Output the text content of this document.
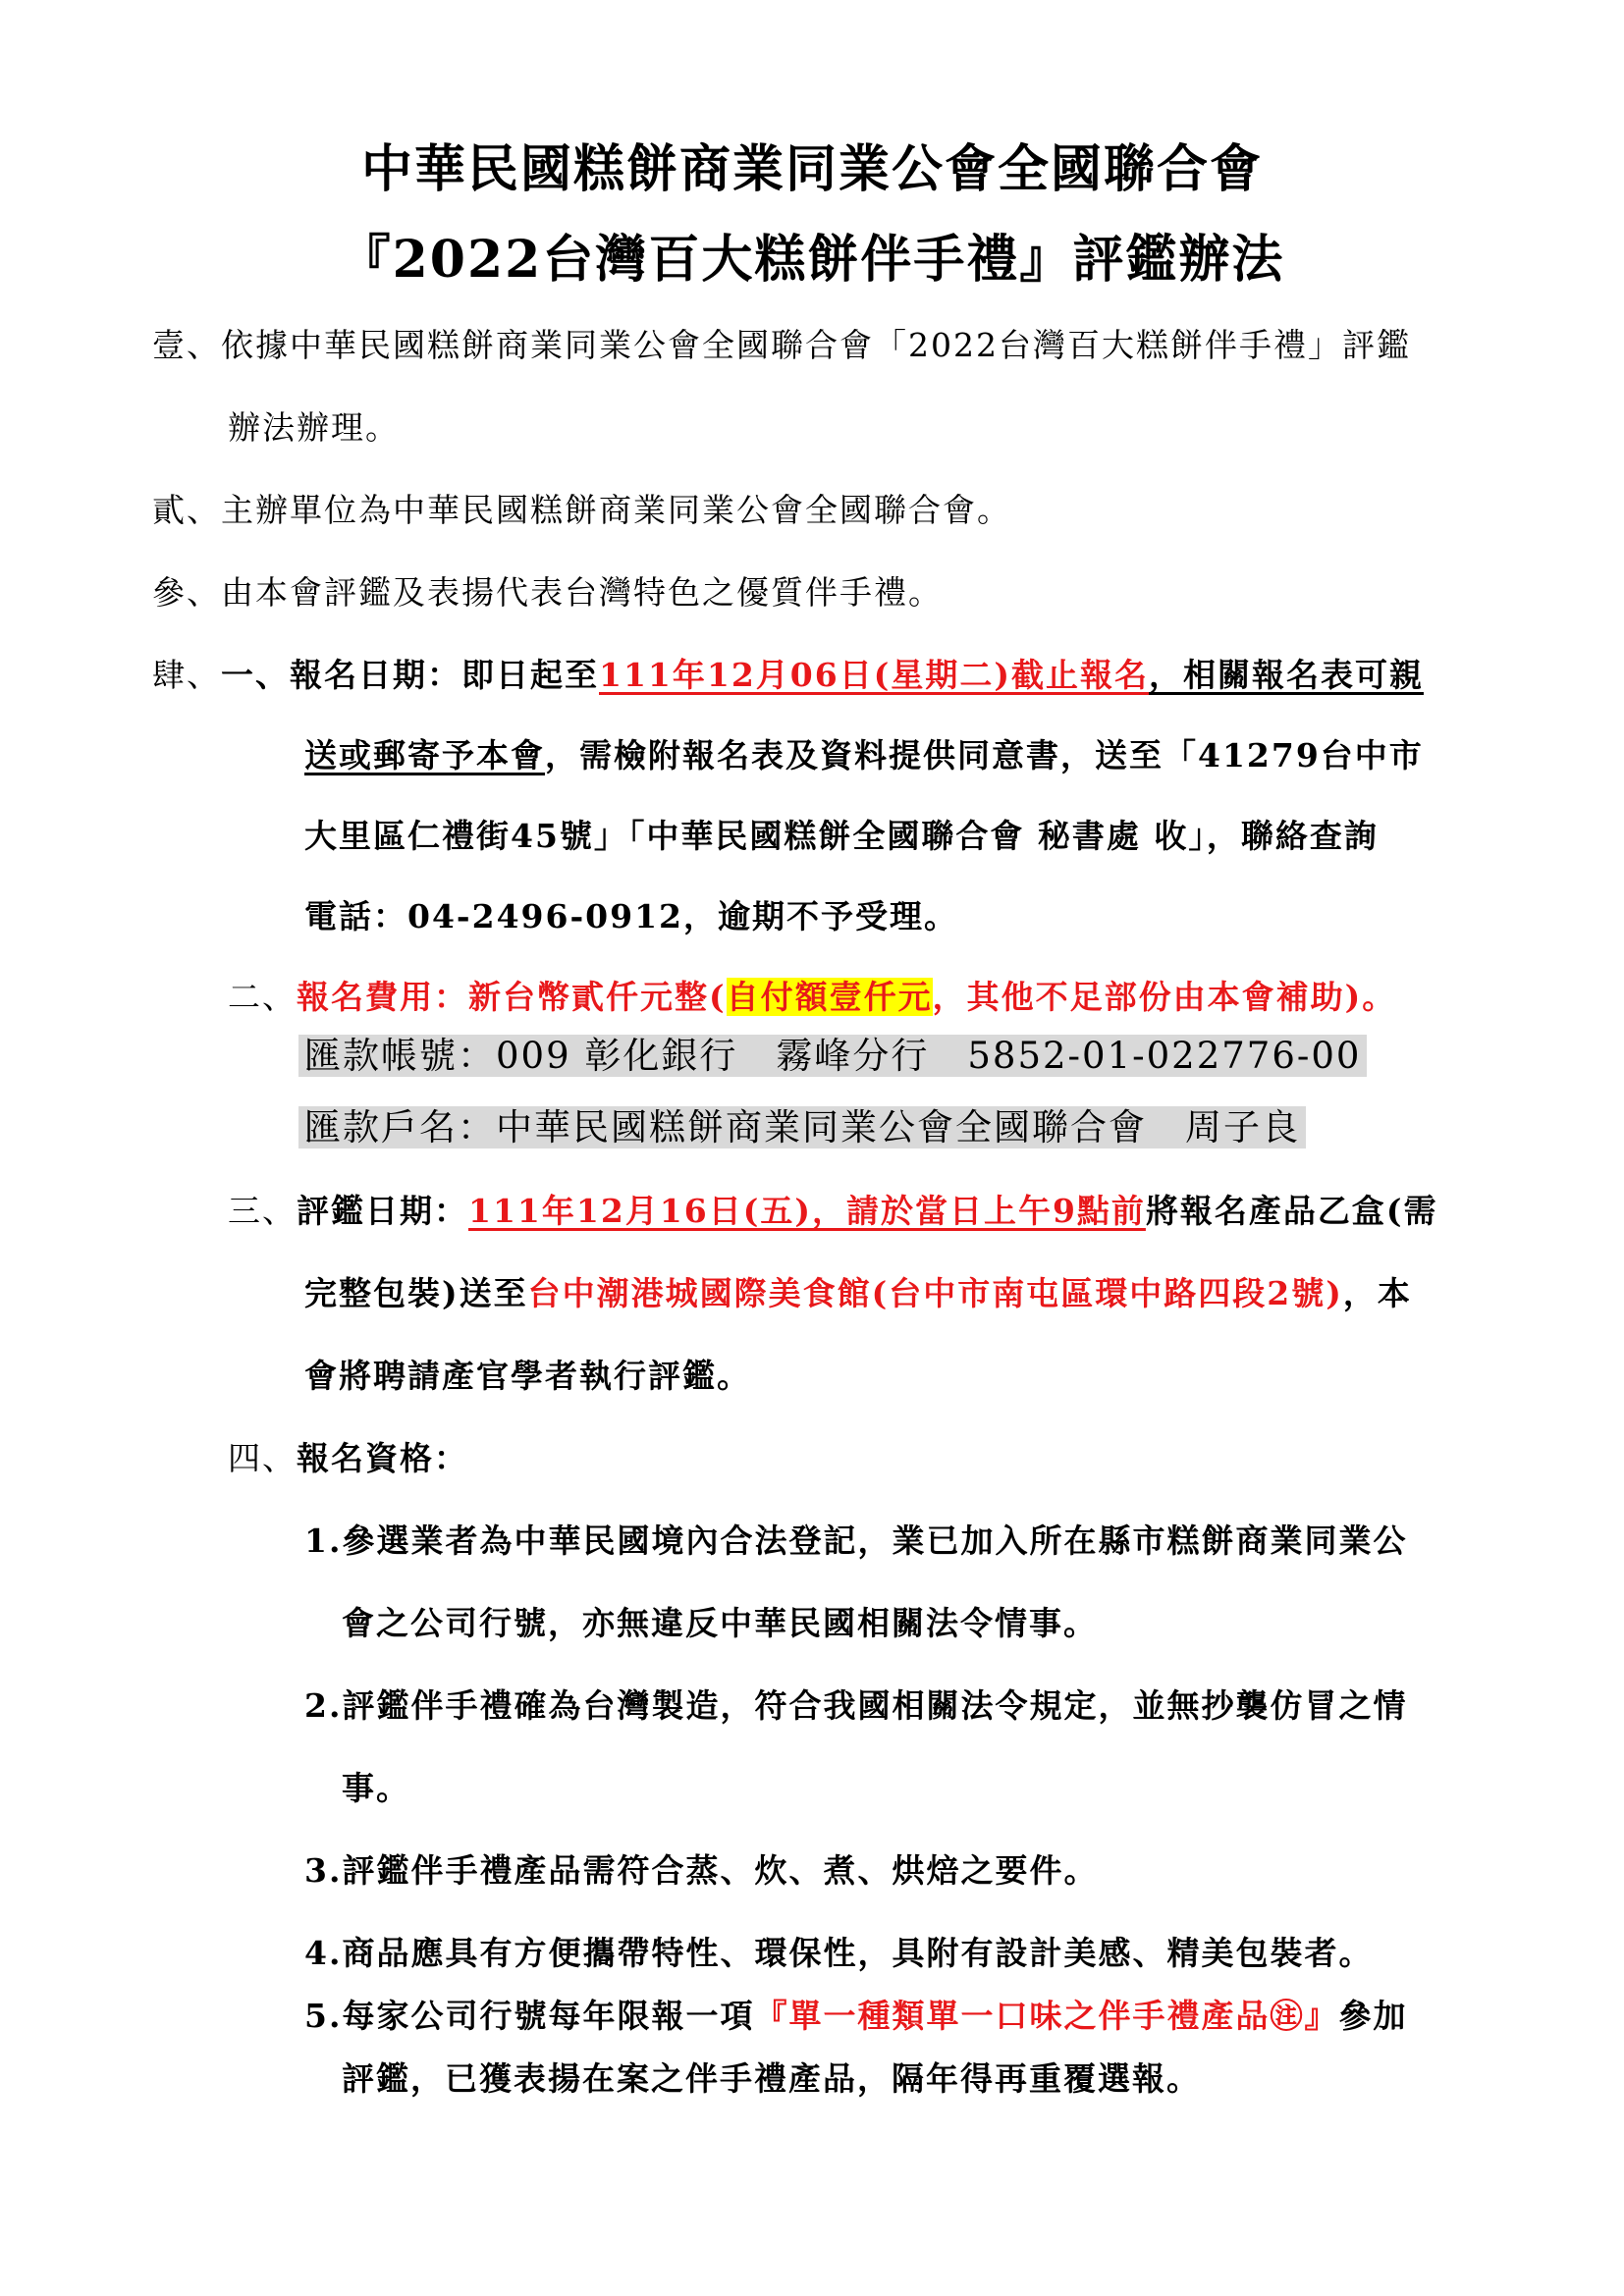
中華民國糕餅商業同業公會全國聯合會
『2022台灣百大糕餅伴手禮』評鑑辦法
壹、依據中華民國糕餅商業同業公會全國聯合會「2022台灣百大糕餅伴手禮」評鑑
辦法辦理。
貳、主辦單位為中華民國糕餅商業同業公會全國聯合會。
參、由本會評鑑及表揚代表台灣特色之優質伴手禮。
肆、一、報名日期：即日起至111年12月06日(星期二)截止報名，相關報名表可親
送或郵寄予本會，需檢附報名表及資料提供同意書，送至「41279台中市
大里區仁禮街45號」「中華民國糕餅全國聯合會 秘書處 收」，聯絡查詢
電話：04-2496-0912，逾期不予受理。
二、報名費用：新台幣貳仟元整(自付額壹仟元，其他不足部份由本會補助)。
匯款帳號：009 彰化銀行　霧峰分行　5852-01-022776-00
匯款戶名：中華民國糕餅商業同業公會全國聯合會　周子良
三、評鑑日期：111年12月16日(五)，請於當日上午9點前將報名產品乙盒(需
完整包裝)送至台中潮港城國際美食館(台中市南屯區環中路四段2號)，本
會將聘請產官學者執行評鑑。
四、報名資格：
1.參選業者為中華民國境內合法登記，業已加入所在縣市糕餅商業同業公
會之公司行號，亦無違反中華民國相關法令情事。
2.評鑑伴手禮確為台灣製造，符合我國相關法令規定，並無抄襲仿冒之情
事。
3.評鑑伴手禮產品需符合蒸、炊、煮、烘焙之要件。
4.商品應具有方便攜帶特性、環保性，具附有設計美感、精美包裝者。
5.每家公司行號每年限報一項『單一種類單一口味之伴手禮產品㊟』參加
評鑑，已獲表揚在案之伴手禮產品，隔年得再重覆選報。
